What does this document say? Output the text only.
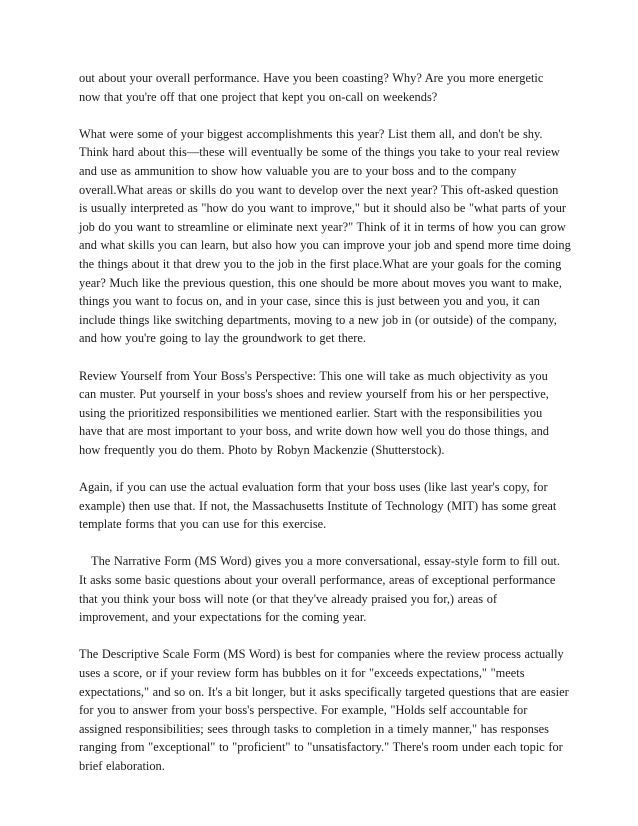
out about your overall performance. Have you been coasting? Why? Are you more energetic
now that you're off that one project that kept you on-call on weekends?

What were some of your biggest accomplishments this year? List them all, and don't be shy.
Think hard about this—these will eventually be some of the things you take to your real review
and use as ammunition to show how valuable you are to your boss and to the company
overall.What areas or skills do you want to develop over the next year? This oft-asked question
is usually interpreted as "how do you want to improve," but it should also be "what parts of your
job do you want to streamline or eliminate next year?" Think of it in terms of how you can grow
and what skills you can learn, but also how you can improve your job and spend more time doing
the things about it that drew you to the job in the first place.What are your goals for the coming
year? Much like the previous question, this one should be more about moves you want to make,
things you want to focus on, and in your case, since this is just between you and you, it can
include things like switching departments, moving to a new job in (or outside) of the company,
and how you're going to lay the groundwork to get there.

Review Yourself from Your Boss's Perspective: This one will take as much objectivity as you
can muster. Put yourself in your boss's shoes and review yourself from his or her perspective,
using the prioritized responsibilities we mentioned earlier. Start with the responsibilities you
have that are most important to your boss, and write down how well you do those things, and
how frequently you do them. Photo by Robyn Mackenzie (Shutterstock).

Again, if you can use the actual evaluation form that your boss uses (like last year's copy, for
example) then use that. If not, the Massachusetts Institute of Technology (MIT) has some great
template forms that you can use for this exercise.

The Narrative Form (MS Word) gives you a more conversational, essay-style form to fill out.
It asks some basic questions about your overall performance, areas of exceptional performance
that you think your boss will note (or that they've already praised you for,) areas of
improvement, and your expectations for the coming year.

The Descriptive Scale Form (MS Word) is best for companies where the review process actually
uses a score, or if your review form has bubbles on it for "exceeds expectations," "meets
expectations," and so on. It's a bit longer, but it asks specifically targeted questions that are easier
for you to answer from your boss's perspective. For example, "Holds self accountable for
assigned responsibilities; sees through tasks to completion in a timely manner," has responses
ranging from "exceptional" to "proficient" to "unsatisfactory." There's room under each topic for
brief elaboration.
